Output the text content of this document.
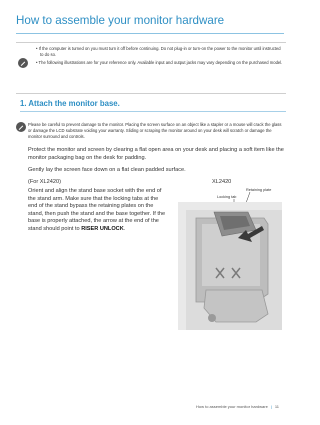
How to assemble your monitor hardware

• If the computer is turned on you must turn it off before continuing. Do not plug-in or turn-on the power to the monitor until instructed to do so.

• The following illustrations are for your reference only. Available input and output jacks may vary depending on the purchased model.

1. Attach the monitor base.

Please be careful to prevent damage to the monitor. Placing the screen surface on an object like a stapler or a mouse will crack the glass or damage the LCD substrate voiding your warranty. Sliding or scraping the monitor around on your desk will scratch or damage the monitor surround and controls.

Protect the monitor and screen by clearing a flat open area on your desk and placing a soft item like the monitor packaging bag on the desk for padding.

Gently lay the screen face down on a flat clean padded surface.

(For XL2420)

Orient and align the stand base socket with the end of the stand arm. Make sure that the locking tabs at the end of the stand bypass the retaining plates on the stand, then push the stand and the base together. If the base is properly attached, the arrow at the end of the stand should point to RISER UNLOCK.

XL2420
Retaining plate
Locking tab
How to assemble your monitor hardware | 11
